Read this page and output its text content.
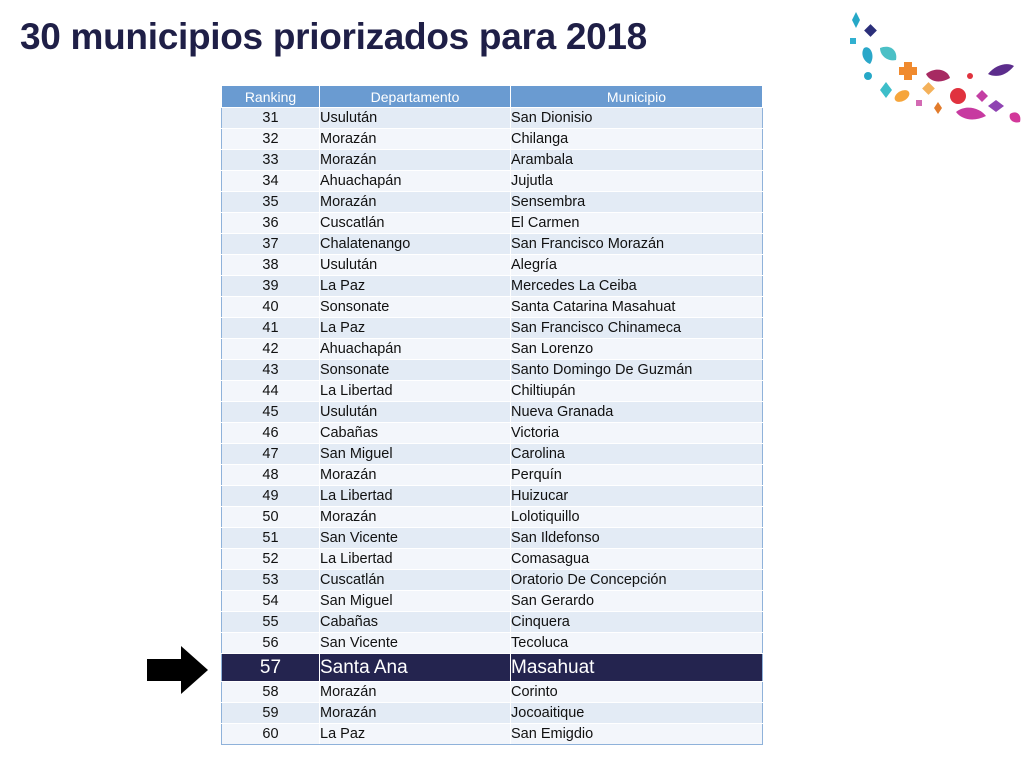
30 municipios priorizados para 2018
Ranking	Departamento	Municipio
31	Usulután	San Dionisio
32	Morazán	Chilanga
33	Morazán	Arambala
34	Ahuachapán	Jujutla
35	Morazán	Sensembra
36	Cuscatlán	El Carmen
37	Chalatenango	San Francisco Morazán
38	Usulután	Alegría
39	La Paz	Mercedes La Ceiba
40	Sonsonate	Santa Catarina Masahuat
41	La Paz	San Francisco Chinameca
42	Ahuachapán	San Lorenzo
43	Sonsonate	Santo Domingo De Guzmán
44	La Libertad	Chiltiupán
45	Usulután	Nueva Granada
46	Cabañas	Victoria
47	San Miguel	Carolina
48	Morazán	Perquín
49	La Libertad	Huizucar
50	Morazán	Lolotiquillo
51	San Vicente	San Ildefonso
52	La Libertad	Comasagua
53	Cuscatlán	Oratorio De Concepción
54	San Miguel	San Gerardo
55	Cabañas	Cinquera
56	San Vicente	Tecoluca
57	Santa Ana	Masahuat
58	Morazán	Corinto
59	Morazán	Jocoaitique
60	La Paz	San Emigdio
